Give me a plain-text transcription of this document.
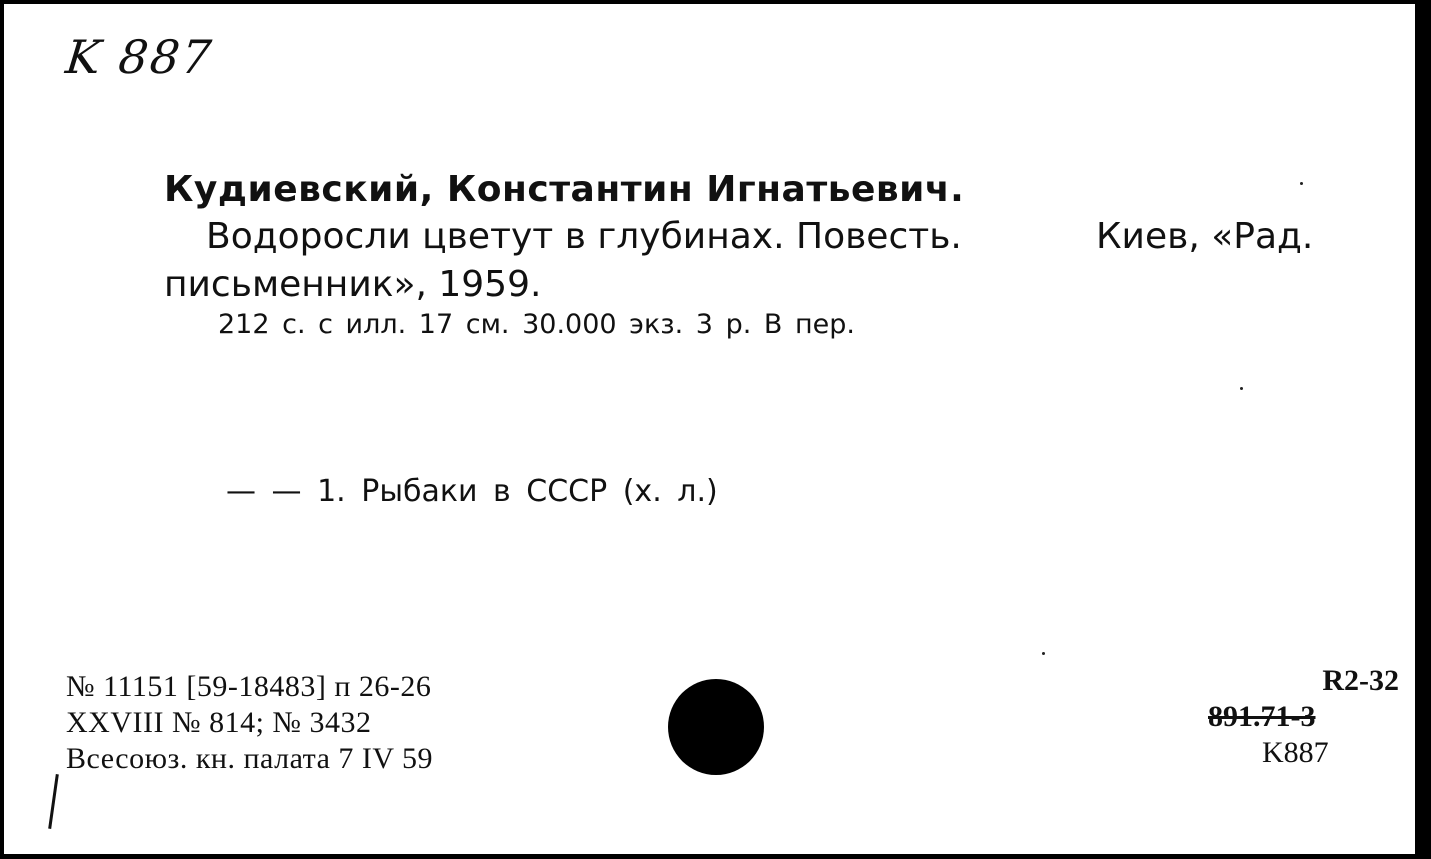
K 887
Кудиевский, Константин Игнатьевич.
Водоросли цветут в глубинах. Повесть.	Киев, «Рад.
письменник», 1959.
212 с. с илл. 17 см. 30.000 экз. 3 р. В пер.
— — 1. Рыбаки в СССР (х. л.)
№ 11151 [59-18483] п 26-26
XXVIII № 814; № 3432
Всесоюз. кн. палата 7 IV 59
R2-32
891.71-3
K887
